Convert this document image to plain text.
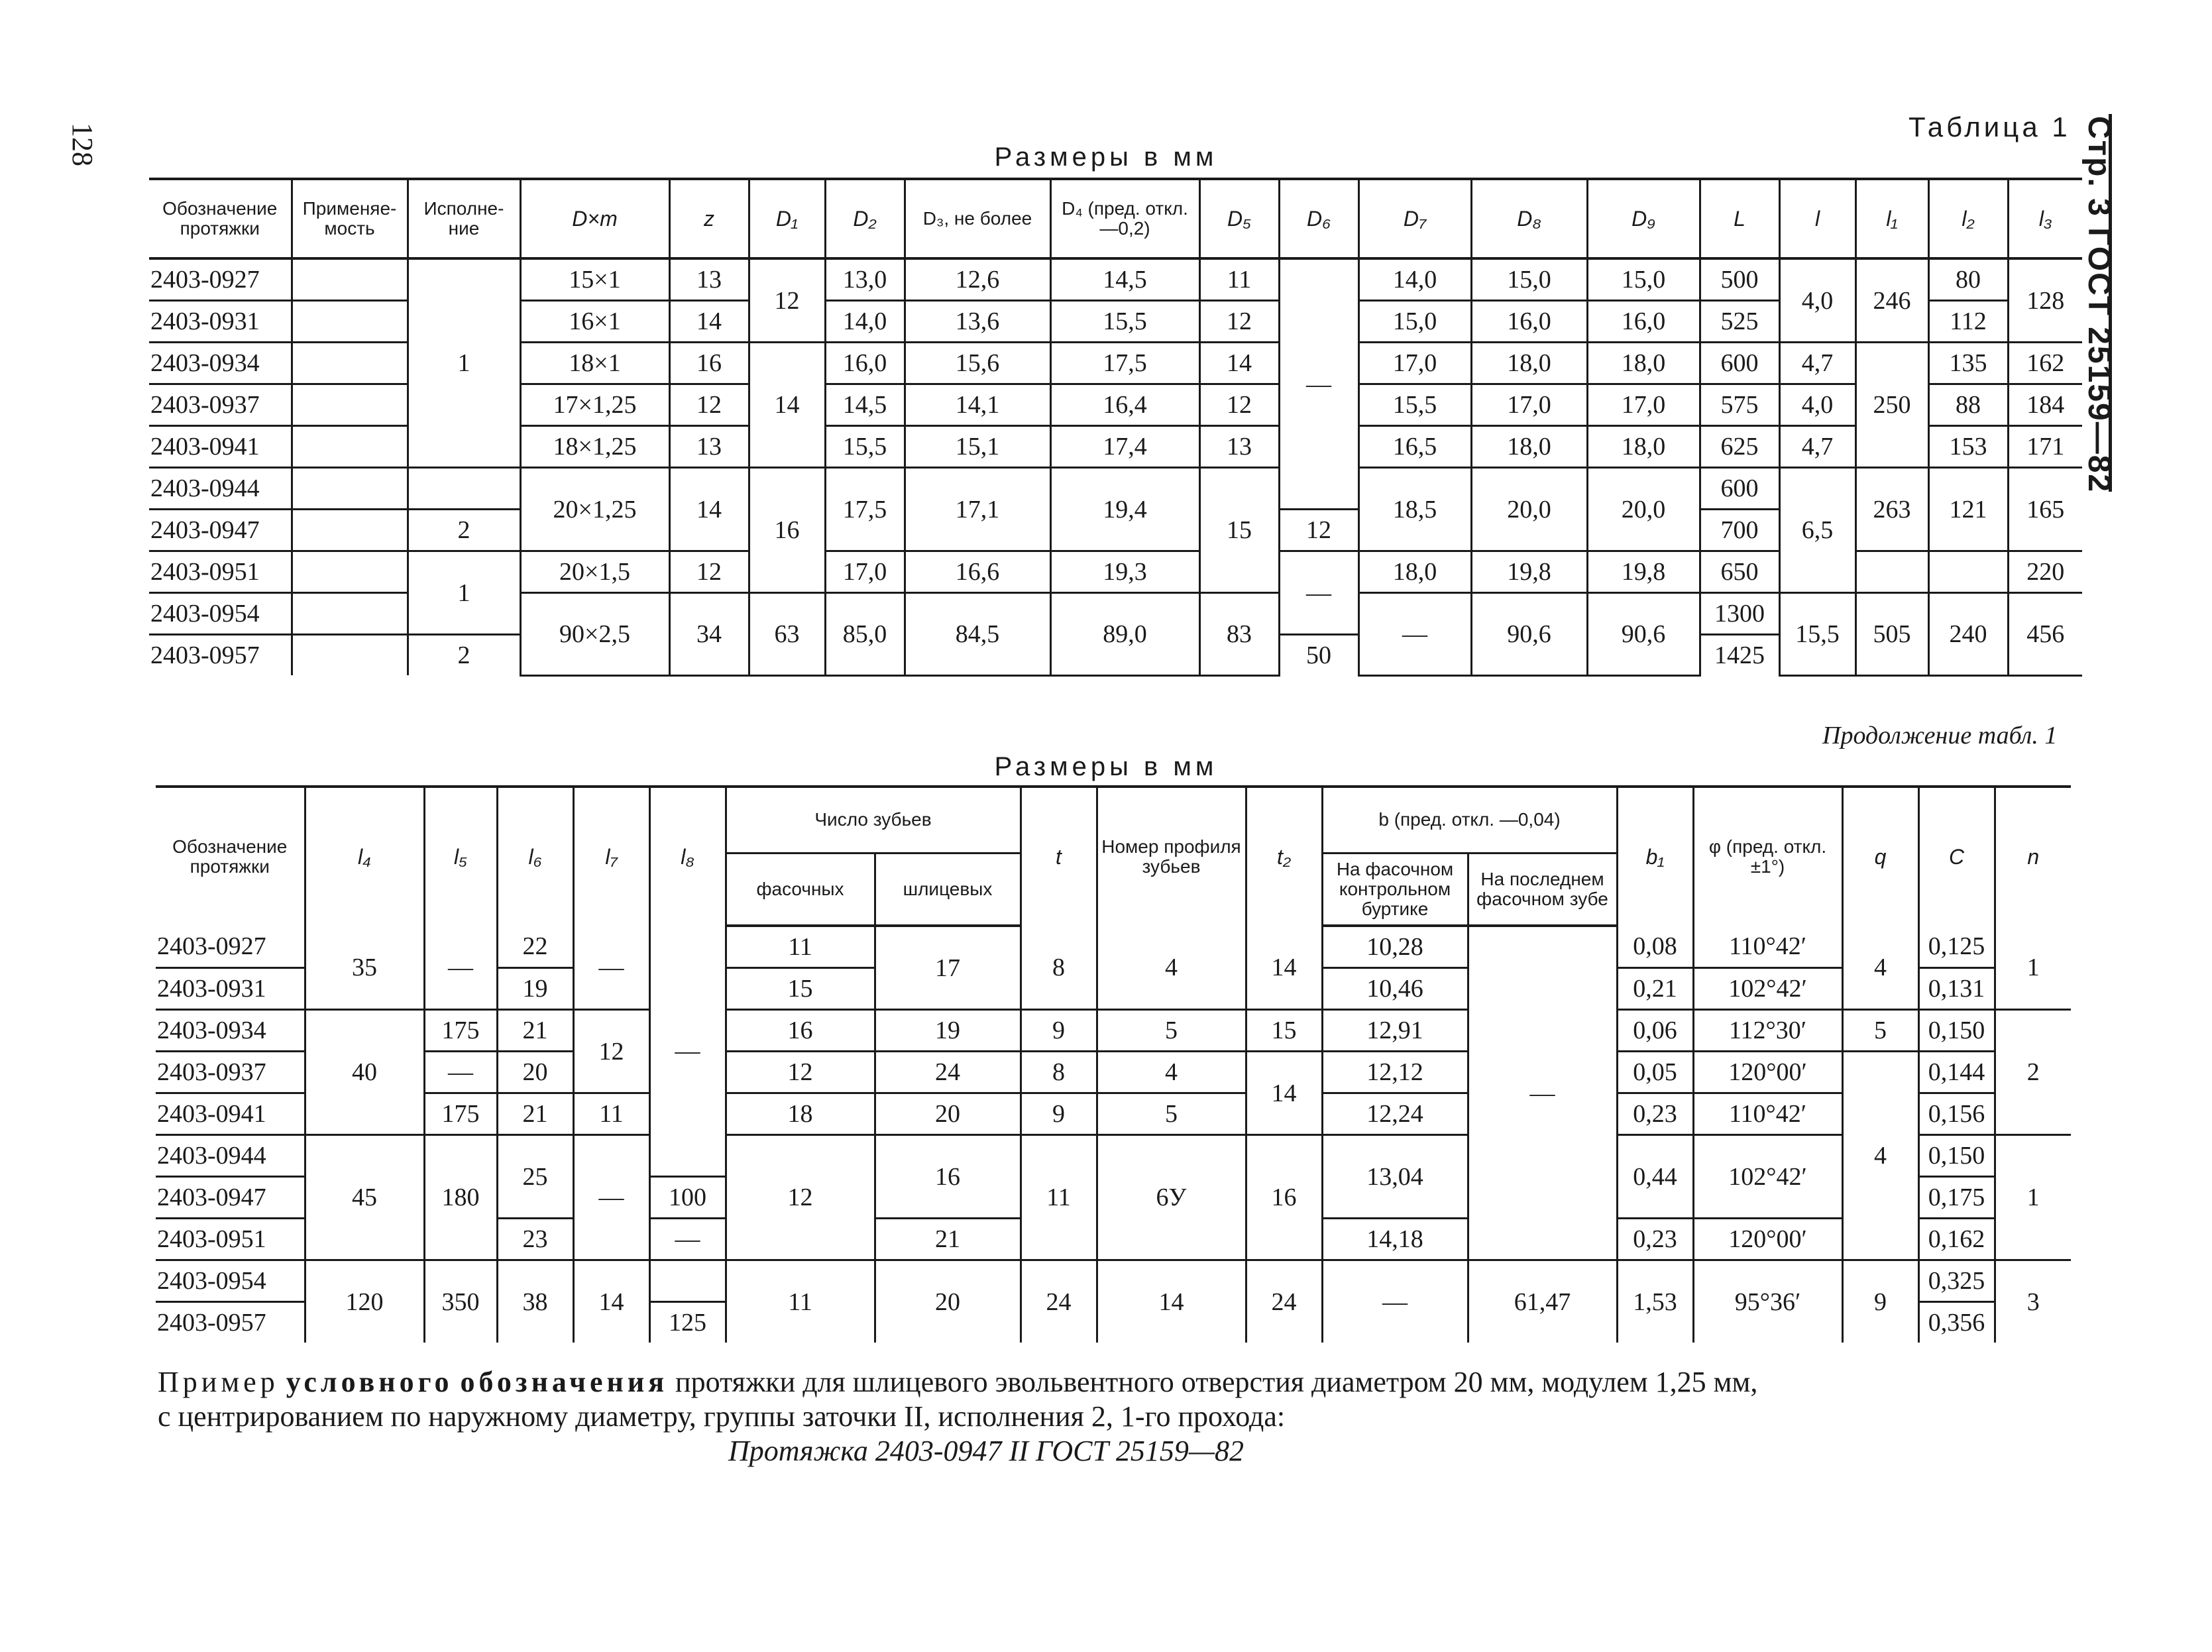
128	Стр. 3 ГОСТ 25159—82
Таблица 1
Размеры в мм
Обозначение протяжки	Применяе-мость	Исполне-ние	D×m	z	D₁	D₂	D₃, не более	D₄ (пред. откл. —0,2)	D₅	D₆	D₇	D₈	D₉	L	l	l₁	l₂	l₃
2403-0927		1	15×1	13	12	13,0	12,6	14,5	11	—	14,0	15,0	15,0	500	4,0	246	80	128
2403-0931			16×1	14		14,0	13,6	15,5	12		15,0	16,0	16,0	525			112	
2403-0934			18×1	16	14	16,0	15,6	17,5	14		17,0	18,0	18,0	600	4,7	250	135	162
2403-0937			17×1,25	12		14,5	14,1	16,4	12		15,5	17,0	17,0	575	4,0		88	184
2403-0941			18×1,25	13		15,5	15,1	17,4	13		16,5	18,0	18,0	625	4,7		153	171
2403-0944			20×1,25	14	16	17,5	17,1	19,4	15		18,5	20,0	20,0	600	6,5	263	121	165
2403-0947		2								12				700				
2403-0951		1	20×1,5	12		17,0	16,6	19,3		—	18,0	19,8	19,8	650				220
2403-0954			90×2,5	34	63	85,0	84,5	89,0	83		—	90,6	90,6	1300	15,5	505	240	456
2403-0957		2								50				1425				
Продолжение табл. 1
Размеры в мм
Обозначение протяжки	l₄	l₅	l₆	l₇	l₈	Число зубьев		t	Номер профиля зубьев	t₂	b (пред. откл. —0,04)		b₁	φ (пред. откл. ±1°)	q	C	n
						фасочных	шлицевых				На фасочном контрольном буртике	На последнем фасочном зубе					
2403-0927	35	—	22	—	—	11	17	8	4	14	10,28	—	0,08	110°42′	4	0,125	1
2403-0931			19			15					10,46		0,21	102°42′		0,131	
2403-0934	40	175	21	12		16	19	9	5	15	12,91		0,06	112°30′	5	0,150	2
2403-0937		—	20			12	24	8	4	14	12,12		0,05	120°00′	4	0,144	
2403-0941		175	21	11		18	20	9	5		12,24		0,23	110°42′		0,156	
2403-0944	45	180	25	—		12	16	11	6У	16	13,04		0,44	102°42′		0,150	1
2403-0947					100											0,175	
2403-0951			23		—		21				14,18		0,23	120°00′		0,162	
2403-0954	120	350	38	14		11	20	24	14	24	—	61,47	1,53	95°36′	9	0,325	3
2403-0957					125											0,356	
Пример условного обозначения протяжки для шлицевого эвольвентного отверстия диаметром 20 мм, модулем 1,25 мм,
с центрированием по наружному диаметру, группы заточки II, исполнения 2, 1-го прохода:
Протяжка 2403-0947 II ГОСТ 25159—82
